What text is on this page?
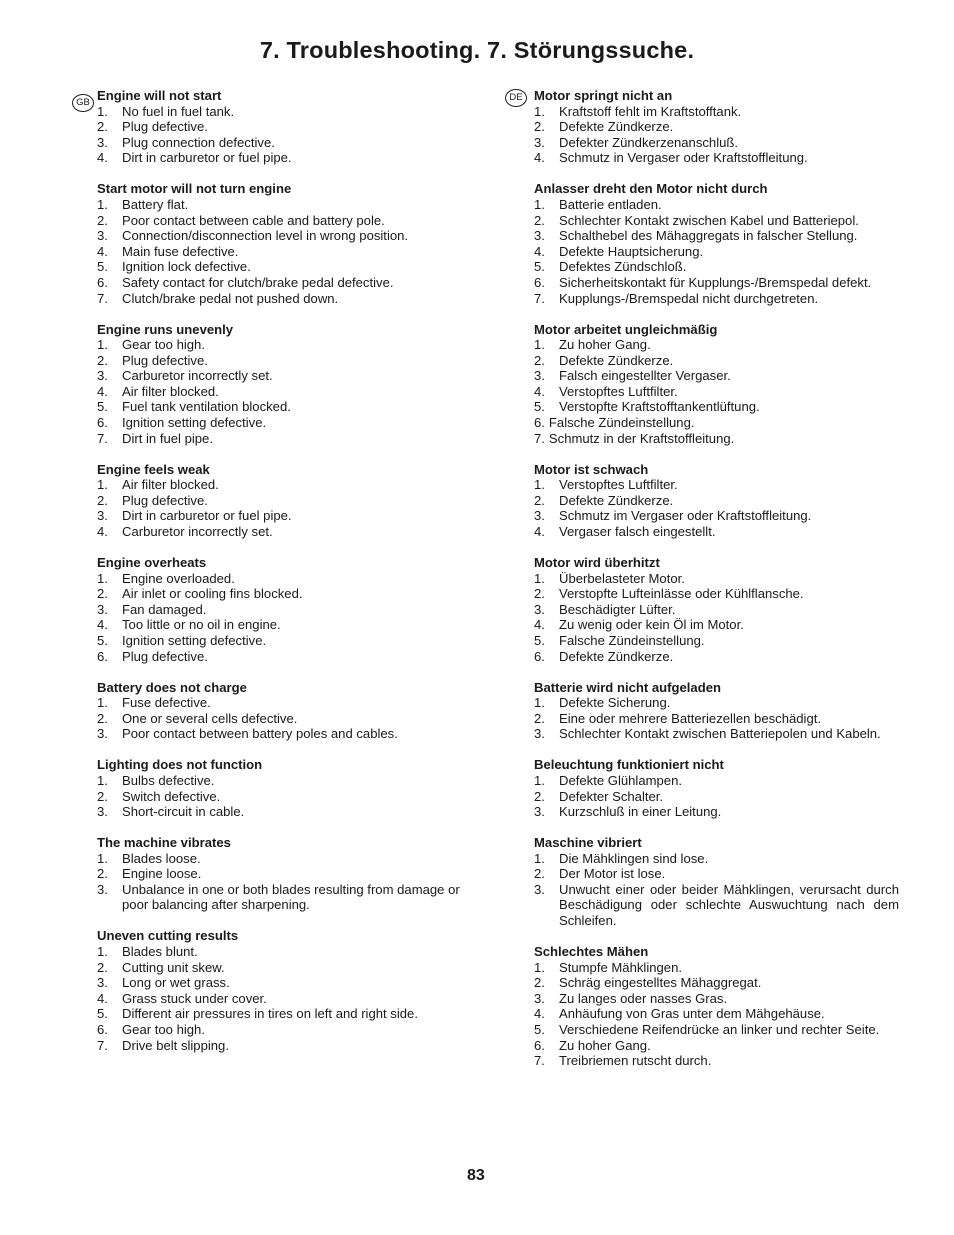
7. Troubleshooting. 7. Störungssuche.
GB Engine will not start
1.	No fuel in fuel tank.
2.	Plug defective.
3.	Plug connection defective.
4.	Dirt in carburetor or fuel pipe.
Start motor will not turn engine
1.	Battery flat.
2.	Poor contact between cable and battery pole.
3.	Connection/disconnection level in wrong position.
4.	Main fuse defective.
5.	Ignition lock defective.
6.	Safety contact for clutch/brake pedal defective.
7.	Clutch/brake pedal not pushed down.
Engine runs unevenly
1.	Gear too high.
2.	Plug defective.
3.	Carburetor incorrectly set.
4.	Air filter blocked.
5.	Fuel tank ventilation blocked.
6.	Ignition setting defective.
7.	Dirt in fuel pipe.
Engine feels weak
1.	Air filter blocked.
2.	Plug defective.
3.	Dirt in carburetor or fuel pipe.
4.	Carburetor incorrectly set.
Engine overheats
1.	Engine overloaded.
2.	Air inlet or cooling fins blocked.
3.	Fan damaged.
4.	Too little or no oil in engine.
5.	Ignition setting defective.
6.	Plug defective.
Battery does not charge
1.	Fuse defective.
2.	One or several cells defective.
3.	Poor contact between battery poles and cables.
Lighting does not function
1.	Bulbs defective.
2.	Switch defective.
3.	Short-circuit in cable.
The machine vibrates
1.	Blades loose.
2.	Engine loose.
3.	Unbalance in one or both blades resulting from damage or poor balancing after sharpening.
Uneven cutting results
1.	Blades blunt.
2.	Cutting unit skew.
3.	Long or wet grass.
4.	Grass stuck under cover.
5.	Different air pressures in tires on left and right side.
6.	Gear too high.
7.	Drive belt slipping.
DE Motor springt nicht an
1.	Kraftstoff fehlt im Kraftstofftank.
2.	Defekte Zündkerze.
3.	Defekter Zündkerzenanschluß.
4.	Schmutz in Vergaser oder Kraftstoffleitung.
Anlasser dreht den Motor nicht durch
1.	Batterie entladen.
2.	Schlechter Kontakt zwischen Kabel und Batteriepol.
3.	Schalthebel des Mähaggregats in falscher Stellung.
4.	Defekte Hauptsicherung.
5.	Defektes Zündschloß.
6.	Sicherheitskontakt für Kupplungs-/Bremspedal defekt.
7.	Kupplungs-/Bremspedal nicht durchgetreten.
Motor arbeitet ungleichmäßig
1.	Zu hoher Gang.
2.	Defekte Zündkerze.
3.	Falsch eingestellter Vergaser.
4.	Verstopftes Luftfilter.
5.	Verstopfte Kraftstofftankentlüftung.
6. Falsche Zündeinstellung.
7. Schmutz in der Kraftstoffleitung.
Motor ist schwach
1.	Verstopftes Luftfilter.
2.	Defekte Zündkerze.
3.	Schmutz im Vergaser oder Kraftstoffleitung.
4.	Vergaser falsch eingestellt.
Motor wird überhitzt
1.	Überbelasteter Motor.
2.	Verstopfte Lufteinlässe oder Kühlflansche.
3.	Beschädigter Lüfter.
4.	Zu wenig oder kein Öl im Motor.
5.	Falsche Zündeinstellung.
6.	Defekte Zündkerze.
Batterie wird nicht aufgeladen
1.	Defekte Sicherung.
2.	Eine oder mehrere Batteriezellen beschädigt.
3.	Schlechter Kontakt zwischen Batteriepolen und Kabeln.
Beleuchtung funktioniert nicht
1.	Defekte Glühlampen.
2.	Defekter Schalter.
3.	Kurzschluß in einer Leitung.
Maschine vibriert
1.	Die Mähklingen sind lose.
2.	Der Motor ist lose.
3.	Unwucht einer oder beider Mähklingen, verursacht durch Beschädigung oder schlechte Auswuchtung nach dem Schleifen.
Schlechtes Mähen
1.	Stumpfe Mähklingen.
2.	Schräg eingestelltes Mähaggregat.
3.	Zu langes oder nasses Gras.
4.	Anhäufung von Gras unter dem Mähgehäuse.
5.	Verschiedene Reifendrücke an linker und rechter Seite.
6.	Zu hoher Gang.
7.	Treibriemen rutscht durch.
83
